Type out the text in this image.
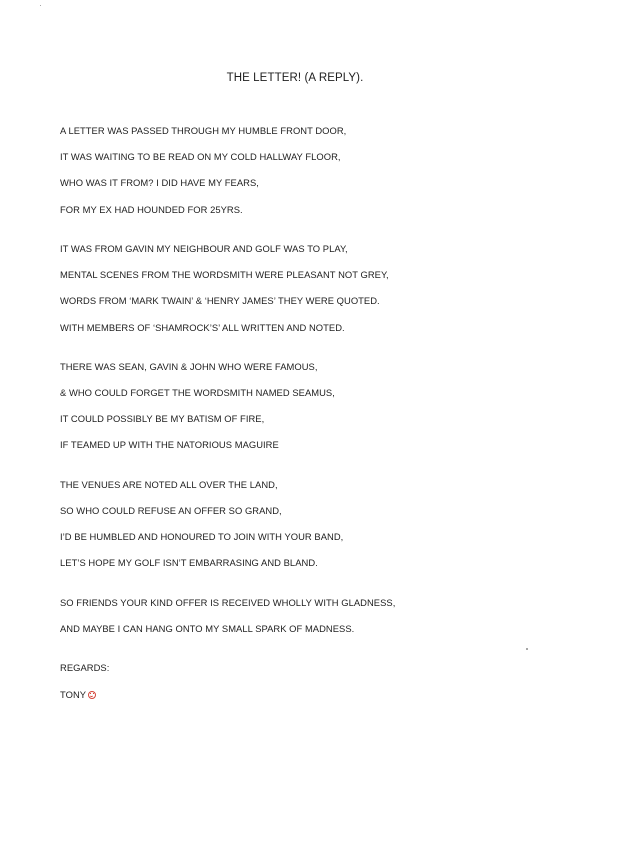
THE LETTER! (A REPLY).
A LETTER WAS PASSED THROUGH MY HUMBLE FRONT DOOR,
IT WAS WAITING TO BE READ ON MY COLD HALLWAY FLOOR,
WHO WAS IT FROM? I DID HAVE MY FEARS,
FOR MY EX HAD HOUNDED FOR 25YRS.
IT WAS FROM GAVIN MY NEIGHBOUR AND GOLF WAS TO PLAY,
MENTAL SCENES FROM THE WORDSMITH WERE PLEASANT NOT GREY,
WORDS FROM ‘MARK TWAIN’ & ‘HENRY JAMES’ THEY WERE QUOTED.
WITH MEMBERS OF ‘SHAMROCK’S’ ALL WRITTEN AND NOTED.
THERE WAS SEAN, GAVIN & JOHN WHO WERE FAMOUS,
& WHO COULD FORGET THE WORDSMITH NAMED SEAMUS,
IT COULD POSSIBLY BE MY BATISM OF FIRE,
IF TEAMED UP WITH THE NATORIOUS MAGUIRE
THE VENUES ARE NOTED ALL OVER THE LAND,
SO WHO COULD REFUSE AN OFFER SO GRAND,
I’D BE HUMBLED AND HONOURED TO JOIN WITH YOUR BAND,
LET’S HOPE MY GOLF ISN’T EMBARRASING AND BLAND.
SO FRIENDS YOUR KIND OFFER IS RECEIVED WHOLLY WITH GLADNESS,
AND MAYBE I CAN HANG ONTO MY SMALL SPARK OF MADNESS.
REGARDS:
TONY
